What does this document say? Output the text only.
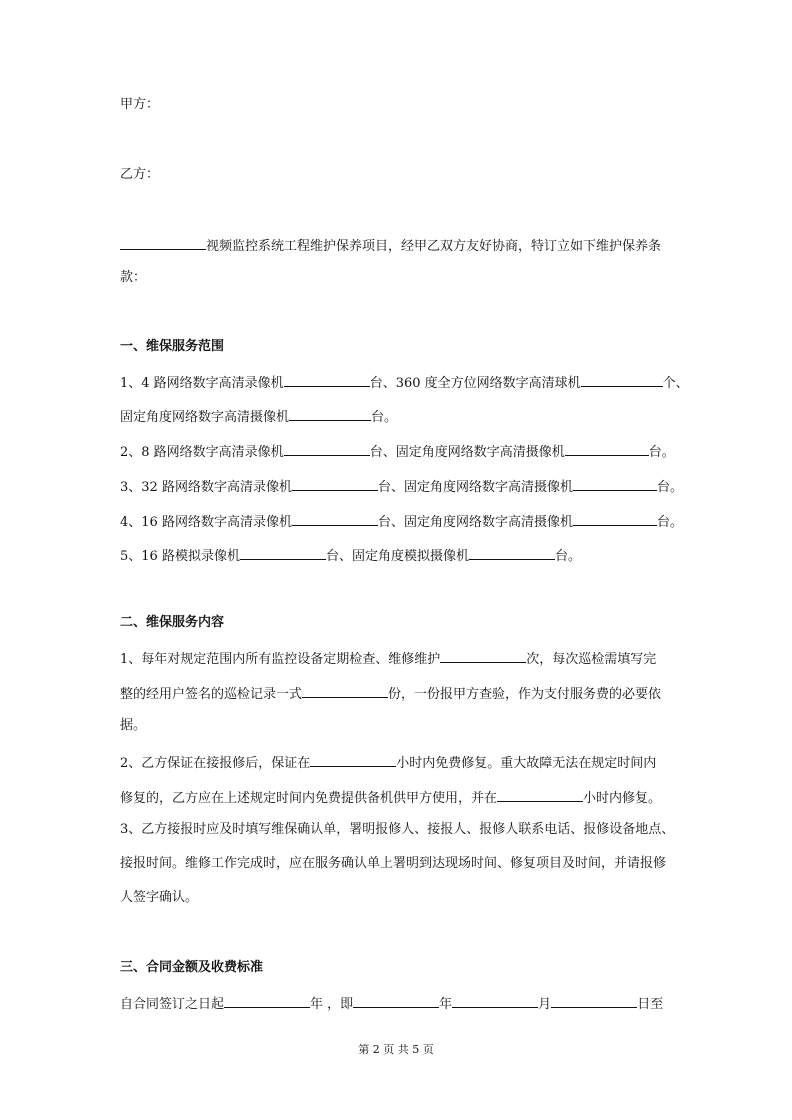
甲方：
乙方：
视频监控系统工程维护保养项目，经甲乙双方友好协商，特订立如下维护保养条
款：
一、维保服务范围
1、4 路网络数字高清录像机	台、360 度全方位网络数字高清球机	个、
固定角度网络数字高清摄像机	台。
2、8 路网络数字高清录像机	台、固定角度网络数字高清摄像机	台。
3、32 路网络数字高清录像机	台、固定角度网络数字高清摄像机	台。
4、16 路网络数字高清录像机	台、固定角度网络数字高清摄像机	台。
5、16 路模拟录像机	台、固定角度模拟摄像机	台。
二、维保服务内容
1、每年对规定范围内所有监控设备定期检查、维修维护	次，每次巡检需填写完
整的经用户签名的巡检记录一式	份，一份报甲方查验，作为支付服务费的必要依
据。
2、乙方保证在接报修后，保证在	小时内免费修复。重大故障无法在规定时间内
修复的，乙方应在上述规定时间内免费提供备机供甲方使用，并在	小时内修复。
3、乙方接报时应及时填写维保确认单，署明报修人、接报人、报修人联系电话、报修设备地点、
接报时间。维修工作完成时，应在服务确认单上署明到达现场时间、修复项目及时间，并请报修
人签字确认。
三、合同金额及收费标准
自合同签订之日起	年 ，即	年	月	日至
第 2 页 共 5 页
